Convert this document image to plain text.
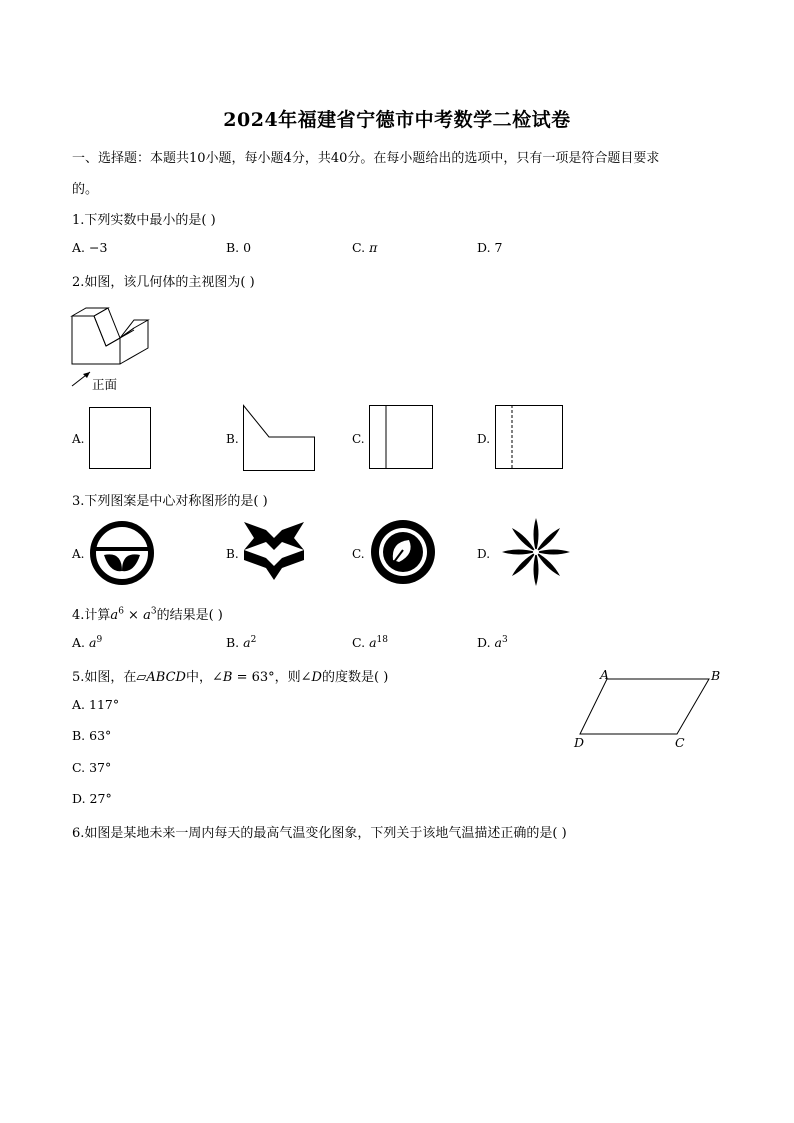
2024年福建省宁德市中考数学二检试卷
一、选择题：本题共10小题，每小题4分，共40分。在每小题给出的选项中，只有一项是符合题目要求
的。
1.下列实数中最小的是( )
A. −3	B. 0	C. π	D. 7
2.如图，该几何体的主视图为( )
正面
A.	B.	C.	D.
3.下列图案是中心对称图形的是( )
A.	B.	C.	D.
4.计算$a^6 \times a^3$的结果是( )
A. $a^9$	B. $a^2$	C. $a^{18}$	D. $a^3$
5.如图，在▱ABCD中，∠B = 63°，则∠D的度数是( )
A. 117°
B. 63°
C. 37°
D. 27°
A	B
C
D
6.如图是某地未来一周内每天的最高气温变化图象，下列关于该地气温描述正确的是( )
